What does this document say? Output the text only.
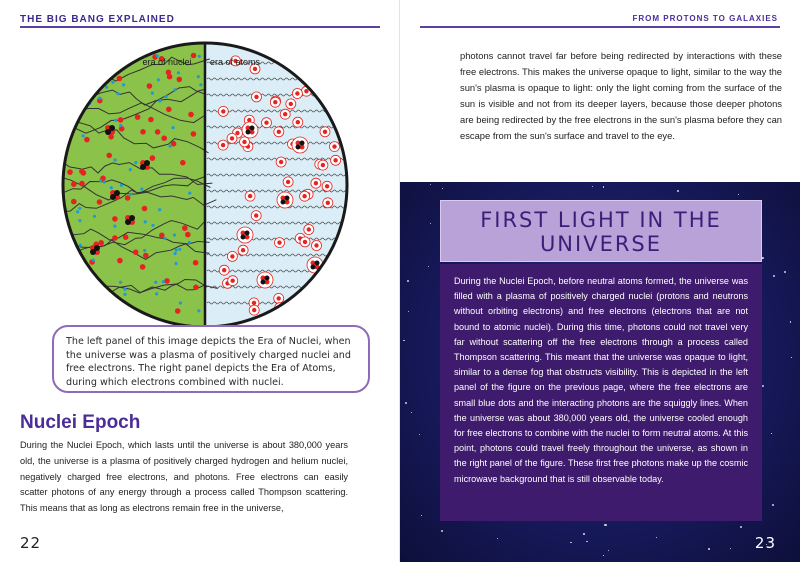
THE BIG BANG EXPLAINED
era of nuclei era of atoms
The left panel of this image depicts the Era of Nuclei, when the universe was a plasma of positively charged nuclei and free electrons. The right panel depicts the Era of Atoms, during which electrons combined with nuclei.
Nuclei Epoch
During the Nuclei Epoch, which lasts until the universe is about 380,000 years old, the universe is a plasma of positively charged hydrogen and helium nuclei, negatively charged free electrons, and photons. Free electrons can easily scatter photons of any energy through a process called Thompson scattering. This means that as long as electrons remain free in the universe,
22
FROM PROTONS TO GALAXIES
photons cannot travel far before being redirected by interactions with these free electrons. This makes the universe opaque to light, similar to the way the sun's plasma is opaque to light: only the light coming from the surface of the sun is visible and not from its deeper layers, because those deeper photons are being redirected by the free electrons in the sun's plasma before they can escape from the sun's surface and travel to the eye.
FIRST LIGHT IN THE UNIVERSE
During the Nuclei Epoch, before neutral atoms formed, the universe was filled with a plasma of positively charged nuclei (protons and neutrons without orbiting electrons) and free electrons (electrons that are not bound to atomic nuclei). During this time, photons could not travel very far without scattering off the free electrons through a process called Thompson scattering. This meant that the universe was opaque to light, similar to a dense fog that obstructs visibility. This is depicted in the left panel of the figure on the previous page, where the free electrons are small blue dots and the interacting photons are the squiggly lines. When the universe was about 380,000 years old, the universe cooled enough for free electrons to combine with the nuclei to form neutral atoms. At this point, photons could travel freely throughout the universe, as shown in the right panel of the figure. These first free photons make up the cosmic microwave background that is still observable today.
23
